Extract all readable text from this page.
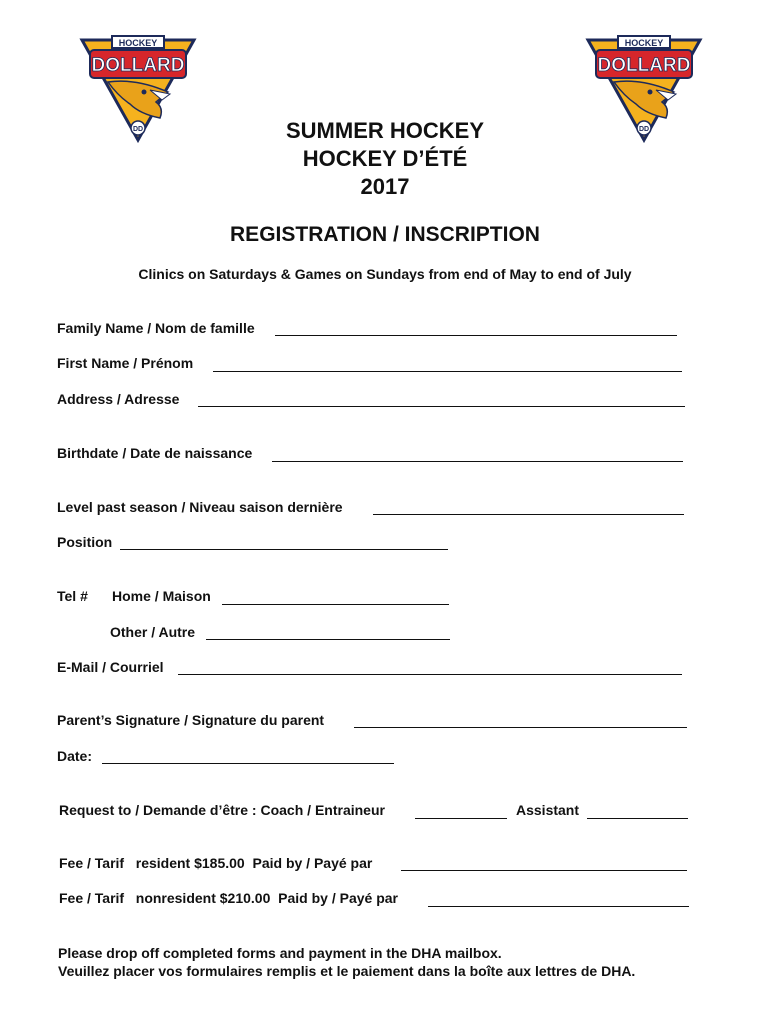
HOCKEY
DOLLARD
DD
HOCKEY
DOLLARD
DD
SUMMER HOCKEY
HOCKEY D’ÉTÉ
2017
REGISTRATION / INSCRIPTION
Clinics on Saturdays & Games on Sundays from end of May to end of July
Family Name / Nom de famille
First Name / Prénom
Address / Adresse
Birthdate / Date de naissance
Level past season / Niveau saison dernière
Position
Tel # Home / Maison
Other / Autre
E-Mail / Courriel
Parent’s Signature / Signature du parent
Date:
Request to / Demande d’être : Coach / Entraineur	Assistant
Fee / Tarif   resident $185.00  Paid by / Payé par
Fee / Tarif   nonresident $210.00  Paid by / Payé par
Please drop off completed forms and payment in the DHA mailbox.
Veuillez placer vos formulaires remplis et le paiement dans la boîte aux lettres de DHA.
